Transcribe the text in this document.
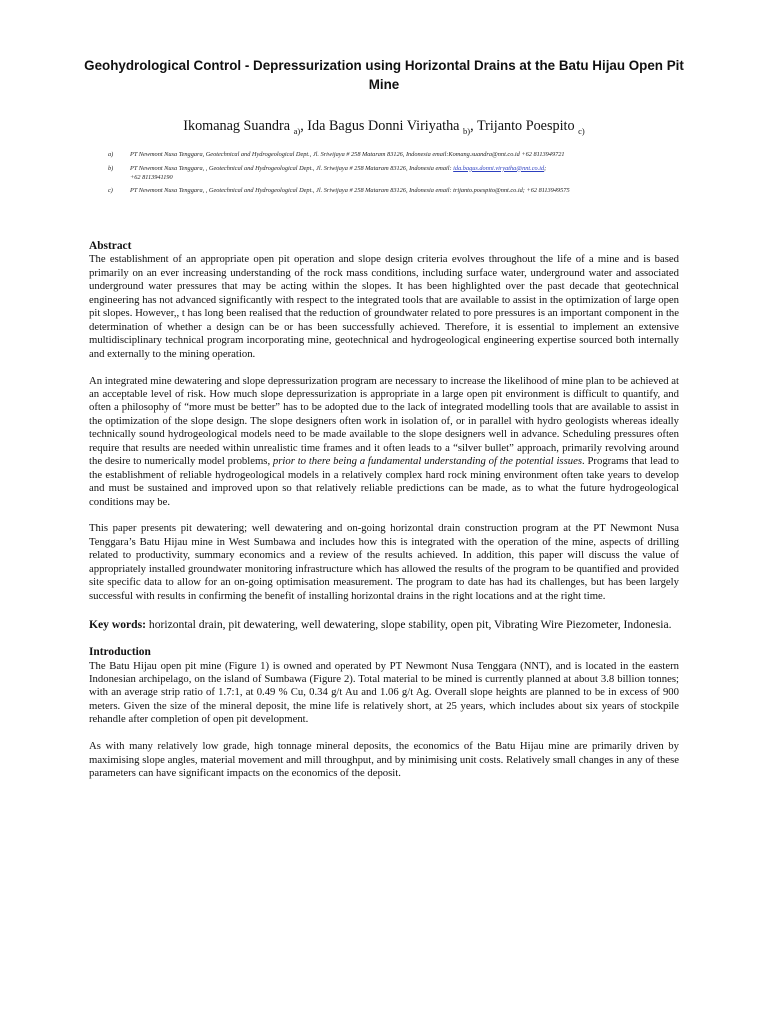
Geohydrological Control - Depressurization using Horizontal Drains at the Batu Hijau Open Pit Mine
Ikomanag Suandra $_{a)}$, Ida Bagus Donni Viriyatha $_{b)}$, Trijanto Poespito $_{c)}$
a)	PT Newmont Nusa Tenggara, Geotechnical and Hydrogeological Dept., Jl. Sriwijaya # 258 Mataram 83126, Indonesia email:Komang.suandra@nnt.co.id +62 8113949721
b)	PT Newmont Nusa Tenggara, , Geotechnical and Hydrogeological Dept., Jl. Sriwijaya # 258 Mataram 83126, Indonesia email: ida.bagus.donni.viryatha@nnt.co.id;
+62 8113941190
c)	PT Newmont Nusa Tenggara, , Geotechnical and Hydrogeological Dept., Jl. Sriwijaya # 258 Mataram 83126, Indonesia email: trijanto.poespito@nnt.co.id; +62 8113949575
Abstract

The establishment of an appropriate open pit operation and slope design criteria evolves throughout the life of a mine and is based primarily on an ever increasing understanding of the rock mass conditions, including surface water, underground water and associated underground water pressures that may be acting within the slopes. It has been highlighted over the past decade that geotechnical engineering has not advanced significantly with respect to the integrated tools that are available to assist in the optimization of large open pit slopes. However,, t has long been realised that the reduction of groundwater related to pore pressures is an important component in the determination of whether a design can be or has been successfully achieved. Therefore, it is essential to implement an extensive multidisciplinary technical program incorporating mine, geotechnical and hydrogeological engineering expertise sourced both internally and externally to the mining operation.

An integrated mine dewatering and slope depressurization program are necessary to increase the likelihood of mine plan to be achieved at an acceptable level of risk. How much slope depressurization is appropriate in a large open pit environment is difficult to quantify, and often a philosophy of “more must be better” has to be adopted due to the lack of integrated modelling tools that are available to assist in the optimization of the slope design. The slope designers often work in isolation of, or in parallel with hydro geologists whereas ideally technically sound hydrogeological models need to be made available to the slope designers well in advance. Scheduling pressures often require that results are needed within unrealistic time frames and it often leads to a “silver bullet” approach, primarily revolving around the desire to numerically model problems, prior to there being a fundamental understanding of the potential issues. Programs that lead to the establishment of reliable hydrogeological models in a relatively complex hard rock mining environment often take years to develop and must be sustained and improved upon so that relatively reliable predictions can be made, as to what the future hydrogeological conditions may be.

This paper presents pit dewatering; well dewatering and on-going horizontal drain construction program at the PT Newmont Nusa Tenggara’s Batu Hijau mine in West Sumbawa and includes how this is integrated with the operation of the mine, aspects of drilling related to productivity, summary economics and a review of the results achieved. In addition, this paper will discuss the value of appropriately installed groundwater monitoring infrastructure which has allowed the results of the program to be quantified and provided site specific data to allow for an on-going optimisation measurement. The program to date has had its challenges, but has been largely successful with results in confirming the benefit of installing horizontal drains in the right locations and at the right time.

Key words: horizontal drain, pit dewatering, well dewatering, slope stability, open pit, Vibrating Wire Piezometer, Indonesia.

Introduction

The Batu Hijau open pit mine (Figure 1) is owned and operated by PT Newmont Nusa Tenggara (NNT), and is located in the eastern Indonesian archipelago, on the island of Sumbawa (Figure 2). Total material to be mined is currently planned at about 3.8 billion tonnes; with an average strip ratio of 1.7:1, at 0.49 % Cu, 0.34 g/t Au and 1.06 g/t Ag. Overall slope heights are planned to be in excess of 900 meters. Given the size of the mineral deposit, the mine life is relatively short, at 25 years, which includes about six years of stockpile rehandle after completion of open pit development.

As with many relatively low grade, high tonnage mineral deposits, the economics of the Batu Hijau mine are primarily driven by maximising slope angles, material movement and mill throughput, and by minimising unit costs. Relatively small changes in any of these parameters can have significant impacts on the economics of the deposit.
